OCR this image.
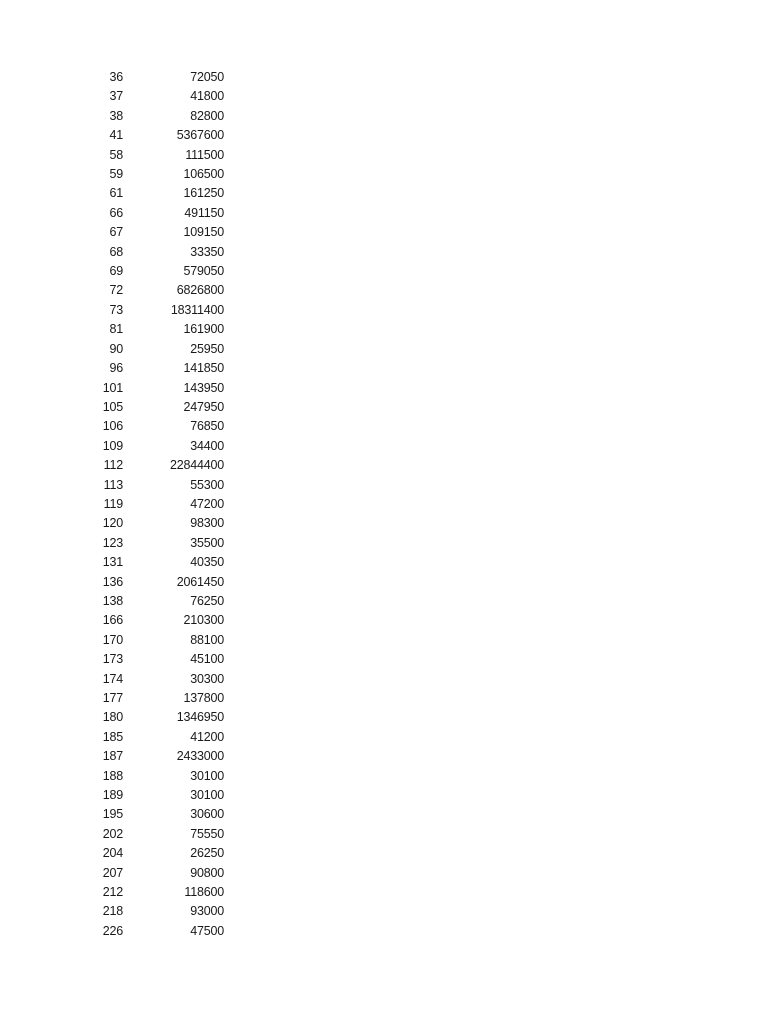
36	72050
37	41800
38	82800
41	5367600
58	111500
59	106500
61	161250
66	491150
67	109150
68	33350
69	579050
72	6826800
73	18311400
81	161900
90	25950
96	141850
101	143950
105	247950
106	76850
109	34400
112	22844400
113	55300
119	47200
120	98300
123	35500
131	40350
136	2061450
138	76250
166	210300
170	88100
173	45100
174	30300
177	137800
180	1346950
185	41200
187	2433000
188	30100
189	30100
195	30600
202	75550
204	26250
207	90800
212	118600
218	93000
226	47500
